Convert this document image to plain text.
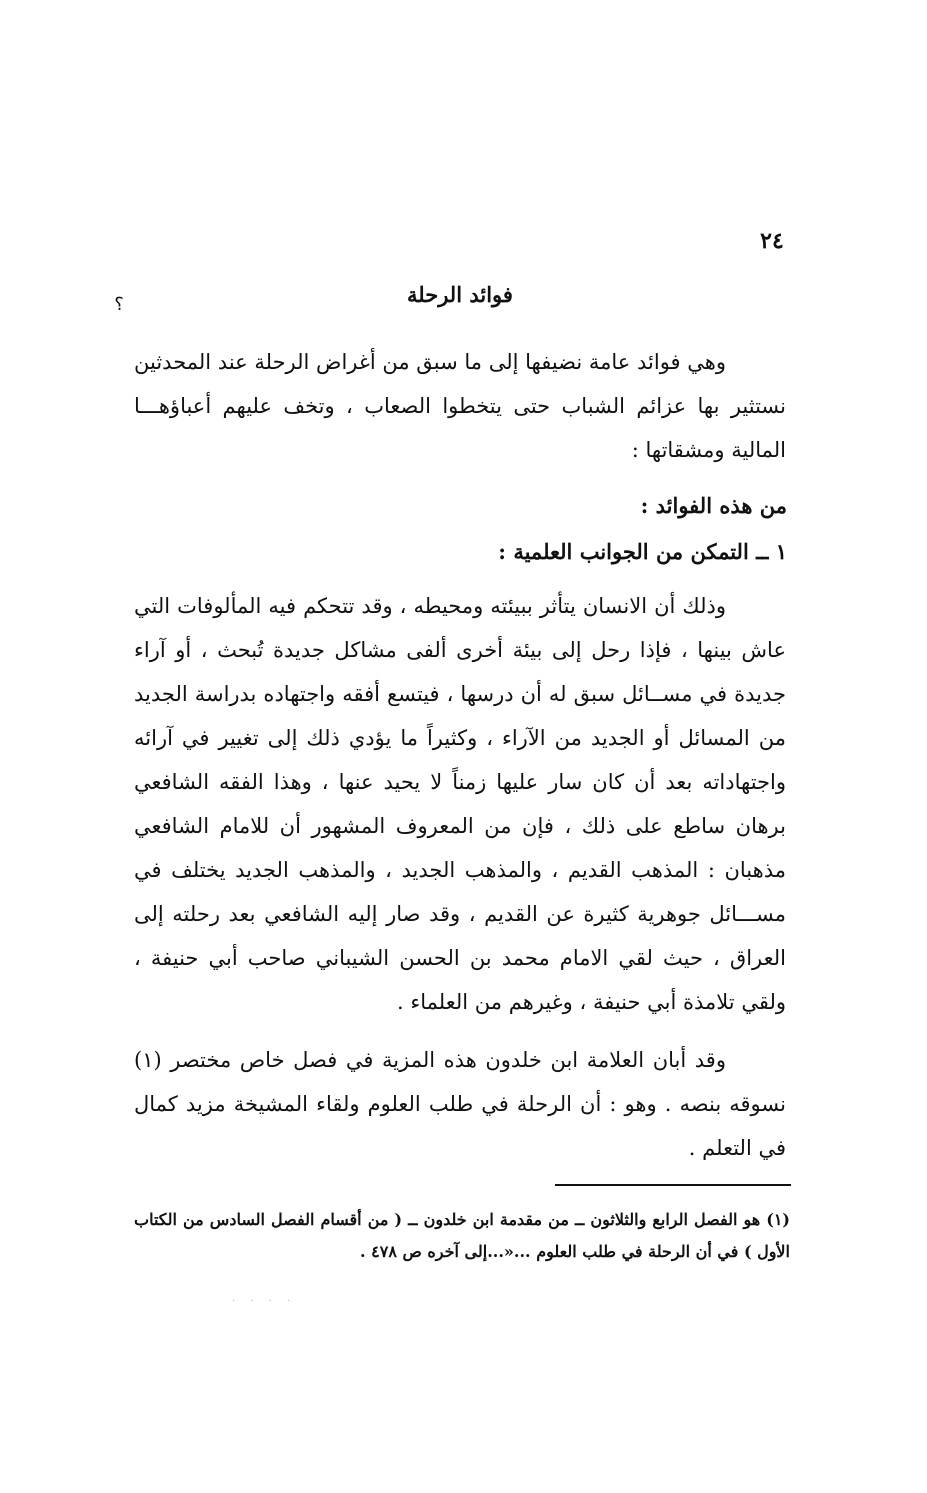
٢٤
فوائد الرحلة
؟

وهي فوائد عامة نضيفها إلى ما سبق من أغراض الرحلة عند المحدثين نستثير بها عزائم الشباب حتى يتخطوا الصعاب ، وتخف عليهم أعباؤهـــا المالية ومشقاتها :

من هذه الفوائد :
١ ــ التمكن من الجوانب العلمية :

وذلك أن الانسان يتأثر ببيئته ومحيطه ، وقد تتحكم فيه المألوفات التي عاش بينها ، فإذا رحل إلى بيئة أخرى ألفى مشاكل جديدة تُبحث ، أو آراء جديدة في مســائل سبق له أن درسها ، فيتسع أفقه واجتهاده بدراسة الجديد من المسائل أو الجديد من الآراء ، وكثيراً ما يؤدي ذلك إلى تغيير في آرائه واجتهاداته بعد أن كان سار عليها زمناً لا يحيد عنها ، وهذا الفقه الشافعي برهان ساطع على ذلك ، فإن من المعروف المشهور أن للامام الشافعي مذهبان : المذهب القديم ، والمذهب الجديد ، والمذهب الجديد يختلف في مســـائل جوهرية كثيرة عن القديم ، وقد صار إليه الشافعي بعد رحلته إلى العراق ، حيث لقي الامام محمد بن الحسن الشيباني صاحب أبي حنيفة ، ولقي تلامذة أبي حنيفة ، وغيرهم من العلماء .

وقد أبان العلامة ابن خلدون هذه المزية في فصل خاص مختصر (١) نسوقه بنصه . وهو : أن الرحلة في طلب العلوم ولقاء المشيخة مزيد كمال في التعلم .

(١) هو الفصل الرابع والثلاثون ــ من مقدمة ابن خلدون ــ ( من أقسام الفصل السادس من الكتاب الأول ) في أن الرحلة في طلب العلوم ...«...إلى آخره ص ٤٧٨ .

· · · ·
